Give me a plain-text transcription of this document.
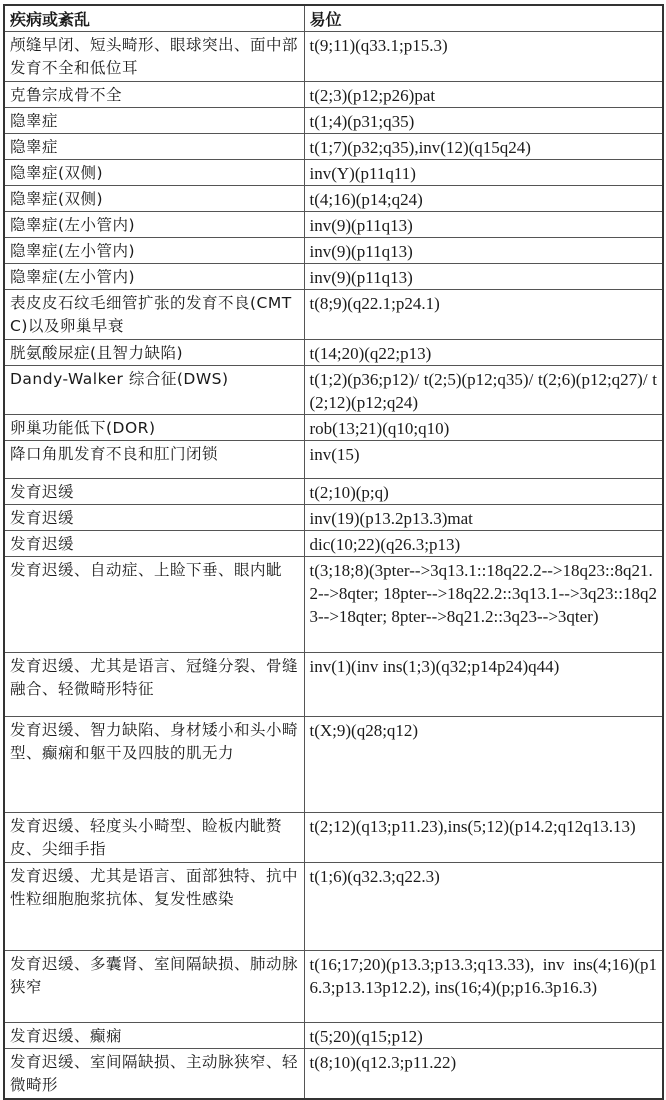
疾病或紊乱	易位
颅缝早闭、短头畸形、眼球突出、面中部发育不全和低位耳	t(9;11)(q33.1;p15.3)
克鲁宗成骨不全	t(2;3)(p12;p26)pat
隐睾症	t(1;4)(p31;q35)
隐睾症	t(1;7)(p32;q35),inv(12)(q15q24)
隐睾症(双侧)	inv(Y)(p11q11)
隐睾症(双侧)	t(4;16)(p14;q24)
隐睾症(左小管内)	inv(9)(p11q13)
隐睾症(左小管内)	inv(9)(p11q13)
隐睾症(左小管内)	inv(9)(p11q13)
表皮皮石纹毛细管扩张的发育不良(CMTC)以及卵巢早衰	t(8;9)(q22.1;p24.1)
胱氨酸尿症(且智力缺陷)	t(14;20)(q22;p13)
Dandy-Walker 综合征(DWS)	t(1;2)(p36;p12)/ t(2;5)(p12;q35)/ t(2;6)(p12;q27)/ t(2;12)(p12;q24)
卵巢功能低下(DOR)	rob(13;21)(q10;q10)
降口角肌发育不良和肛门闭锁	inv(15)
发育迟缓	t(2;10)(p;q)
发育迟缓	inv(19)(p13.2p13.3)mat
发育迟缓	dic(10;22)(q26.3;p13)
发育迟缓、自动症、上睑下垂、眼内眦	t(3;18;8)(3pter-->3q13.1::18q22.2-->18q23::8q21.2-->8qter; 18pter-->18q22.2::3q13.1-->3q23::18q23-->18qter; 8pter-->8q21.2::3q23-->3qter)
发育迟缓、尤其是语言、冠缝分裂、骨缝融合、轻微畸形特征	inv(1)(inv ins(1;3)(q32;p14p24)q44)
发育迟缓、智力缺陷、身材矮小和头小畸型、癫痫和躯干及四肢的肌无力	t(X;9)(q28;q12)
发育迟缓、轻度头小畸型、睑板内眦赘皮、尖细手指	t(2;12)(q13;p11.23),ins(5;12)(p14.2;q12q13.13)
发育迟缓、尤其是语言、面部独特、抗中性粒细胞胞浆抗体、复发性感染	t(1;6)(q32.3;q22.3)
发育迟缓、多囊肾、室间隔缺损、肺动脉狭窄	t(16;17;20)(p13.3;p13.3;q13.33), inv ins(4;16)(p16.3;p13.13p12.2), ins(16;4)(p;p16.3p16.3)
发育迟缓、癫痫	t(5;20)(q15;p12)
发育迟缓、室间隔缺损、主动脉狭窄、轻微畸形	t(8;10)(q12.3;p11.22)
